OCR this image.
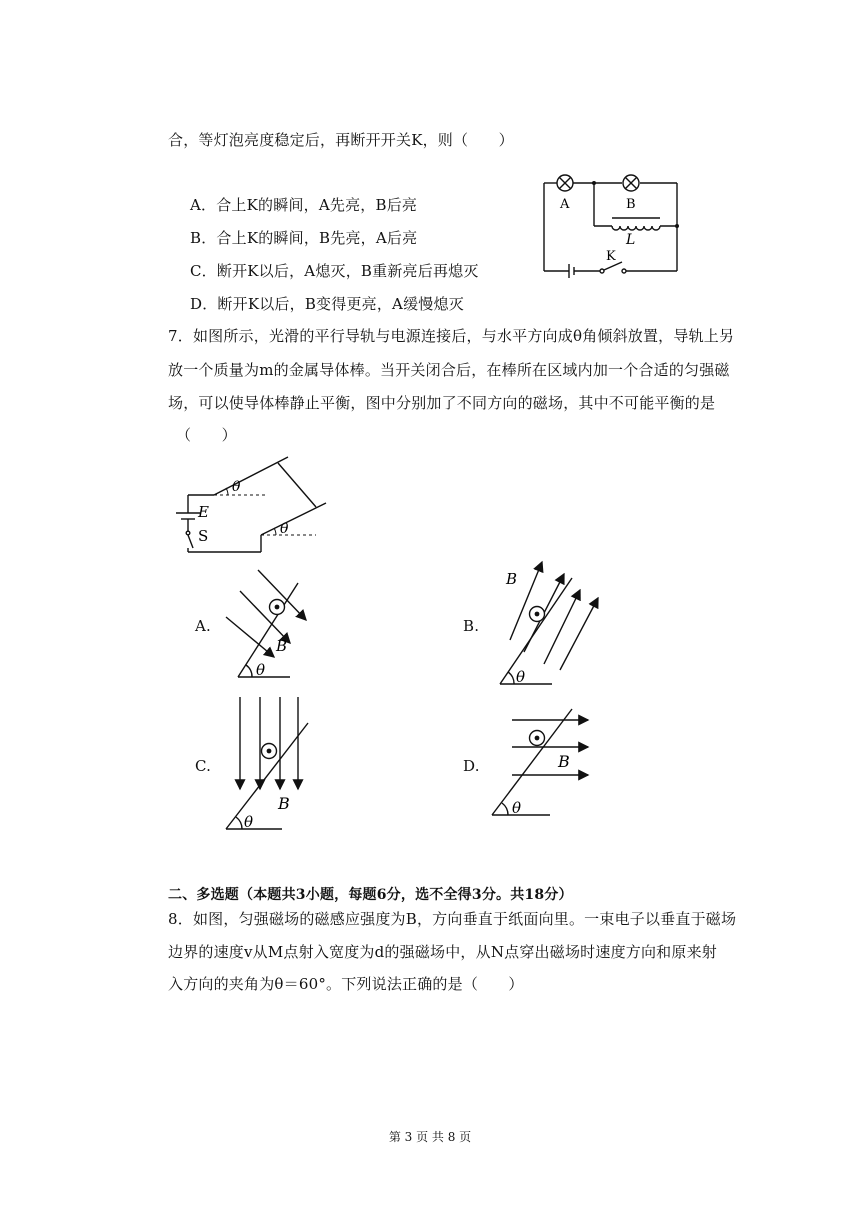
合，等灯泡亮度稳定后，再断开开关K，则（　　）
A．合上K的瞬间，A先亮，B后亮
B．合上K的瞬间，B先亮，A后亮
C．断开K以后，A熄灭，B重新亮后再熄灭
D．断开K以后，B变得更亮，A缓慢熄灭
A	B
L
K
7．如图所示，光滑的平行导轨与电源连接后，与水平方向成θ角倾斜放置，导轨上另
放一个质量为m的金属导体棒。当开关闭合后，在棒所在区域内加一个合适的匀强磁
场，可以使导体棒静止平衡，图中分别加了不同方向的磁场，其中不可能平衡的是
（　　）
θ
θ
E
S
A.
B
θ
B.
B
θ
C.
B
θ
D.	B
θ
二、多选题（本题共3小题，每题6分，选不全得3分。共18分）
8．如图，匀强磁场的磁感应强度为B，方向垂直于纸面向里。一束电子以垂直于磁场
边界的速度v从M点射入宽度为d的强磁场中，从N点穿出磁场时速度方向和原来射
入方向的夹角为θ＝60°。下列说法正确的是（　　）
第 3 页 共 8 页
